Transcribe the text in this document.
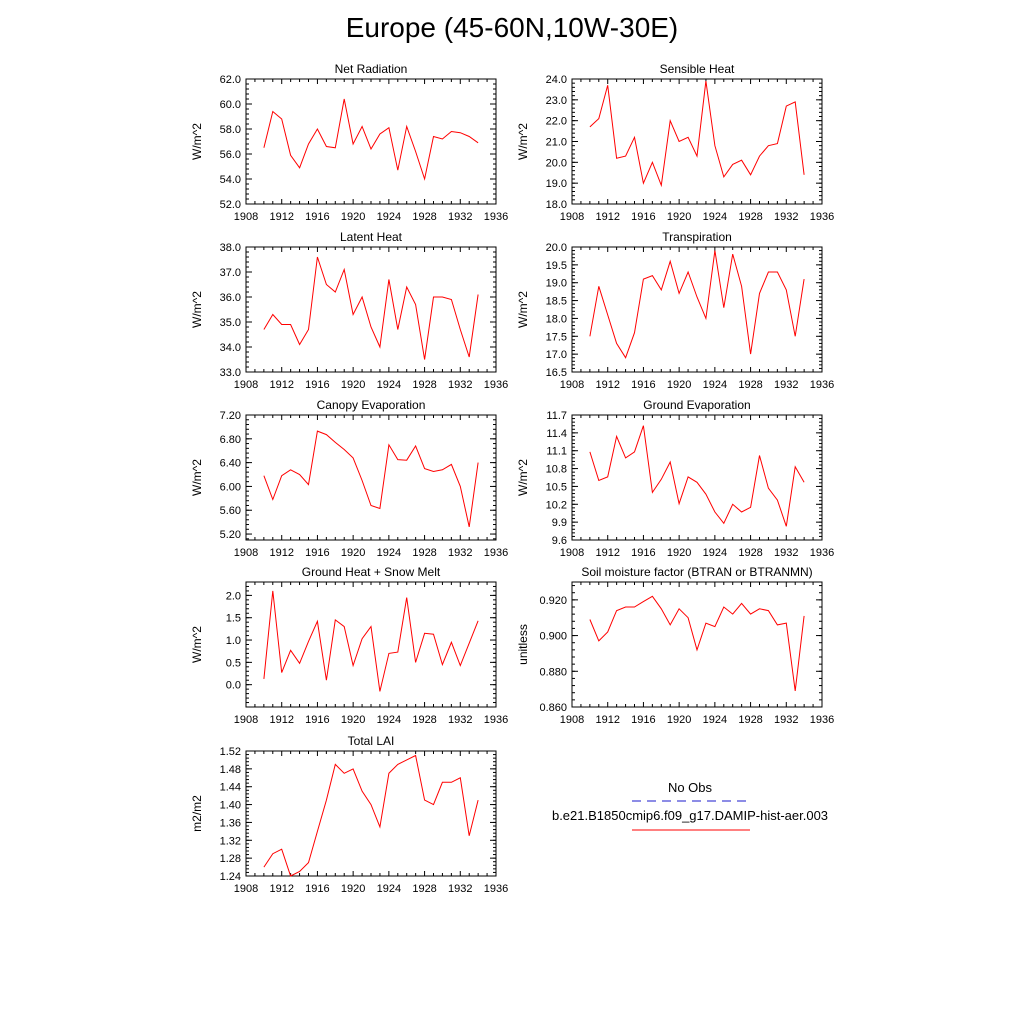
Europe (45-60N,10W-30E)
1908 1912 1916 1920 1924 1928 1932 1936
52.0
54.0
56.0
58.0
60.0
62.0
Net Radiation
W/m^2
1908 1912 1916 1920 1924 1928 1932 1936
18.0
19.0
20.0
21.0
22.0
23.0
24.0
Sensible Heat
W/m^2
1908 1912 1916 1920 1924 1928 1932 1936
33.0
34.0
35.0
36.0
37.0
38.0
Latent Heat
W/m^2
1908 1912 1916 1920 1924 1928 1932 1936
16.5
17.0
17.5
18.0
18.5
19.0
19.5
20.0
Transpiration
W/m^2
1908 1912 1916 1920 1924 1928 1932 1936
5.20
5.60
6.00
6.40
6.80
7.20
Canopy Evaporation
W/m^2
1908 1912 1916 1920 1924 1928 1932 1936
9.6
9.9
10.2
10.5
10.8
11.1
11.4
11.7
Ground Evaporation
W/m^2
1908 1912 1916 1920 1924 1928 1932 1936
0.0
0.5
1.0
1.5
2.0
Ground Heat + Snow Melt
W/m^2
1908 1912 1916 1920 1924 1928 1932 1936
0.860
0.880
0.900
0.920
Soil moisture factor (BTRAN or BTRANMN)
unitless
1908 1912 1916 1920 1924 1928 1932 1936
1.24
1.28
1.32
1.36
1.40
1.44
1.48
1.52
Total LAI
m2/m2
No Obs
b.e21.B1850cmip6.f09_g17.DAMIP-hist-aer.003
